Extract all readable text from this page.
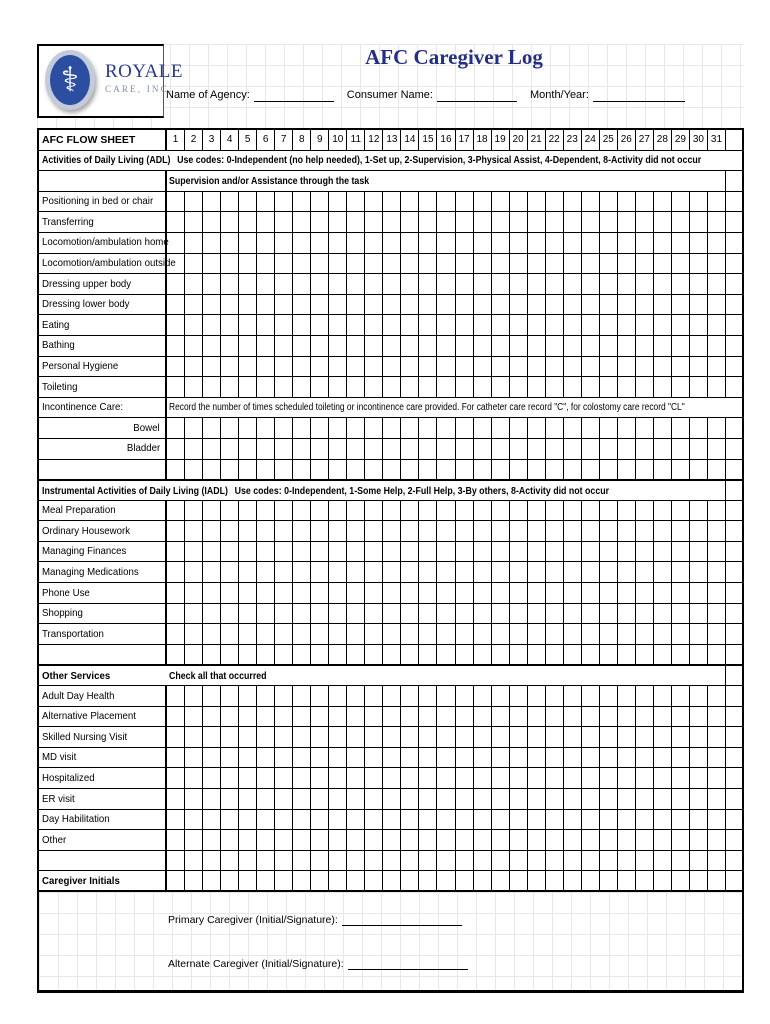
⚕ ROYALE
CARE, INC.
AFC Caregiver Log
Name of Agency:	Consumer Name:	Month/Year:
AFC FLOW SHEET	1	2	3	4	5	6	7	8	9 10 11 12 13 14 15 16 17 18 19 20 21 22 23 24 25 26 27 28 29 30 31
Activities of Daily Living (ADL) Use codes: 0-Independent (no help needed), 1-Set up, 2-Supervision, 3-Physical Assist, 4-Dependent, 8-Activity did not occur
Supervision and/or Assistance through the task
Positioning in bed or chair
Transferring
Locomotion/ambulation home
Locomotion/ambulation outside
Dressing upper body
Dressing lower body
Eating
Bathing
Personal Hygiene
Toileting
Incontinence Care:	Record the number of times scheduled toileting or incontinence care provided. For catheter care record "C", for colostomy care record "CL"
Bowel
Bladder
Instrumental Activities of Daily Living (IADL) Use codes: 0-Independent, 1-Some Help, 2-Full Help, 3-By others, 8-Activity did not occur
Meal Preparation
Ordinary Housework
Managing Finances
Managing Medications
Phone Use
Shopping
Transportation
Other Services	Check all that occurred
Adult Day Health
Alternative Placement
Skilled Nursing Visit
MD visit
Hospitalized
ER visit
Day Habilitation
Other
Caregiver Initials
Primary Caregiver (Initial/Signature):
Alternate Caregiver (Initial/Signature):
